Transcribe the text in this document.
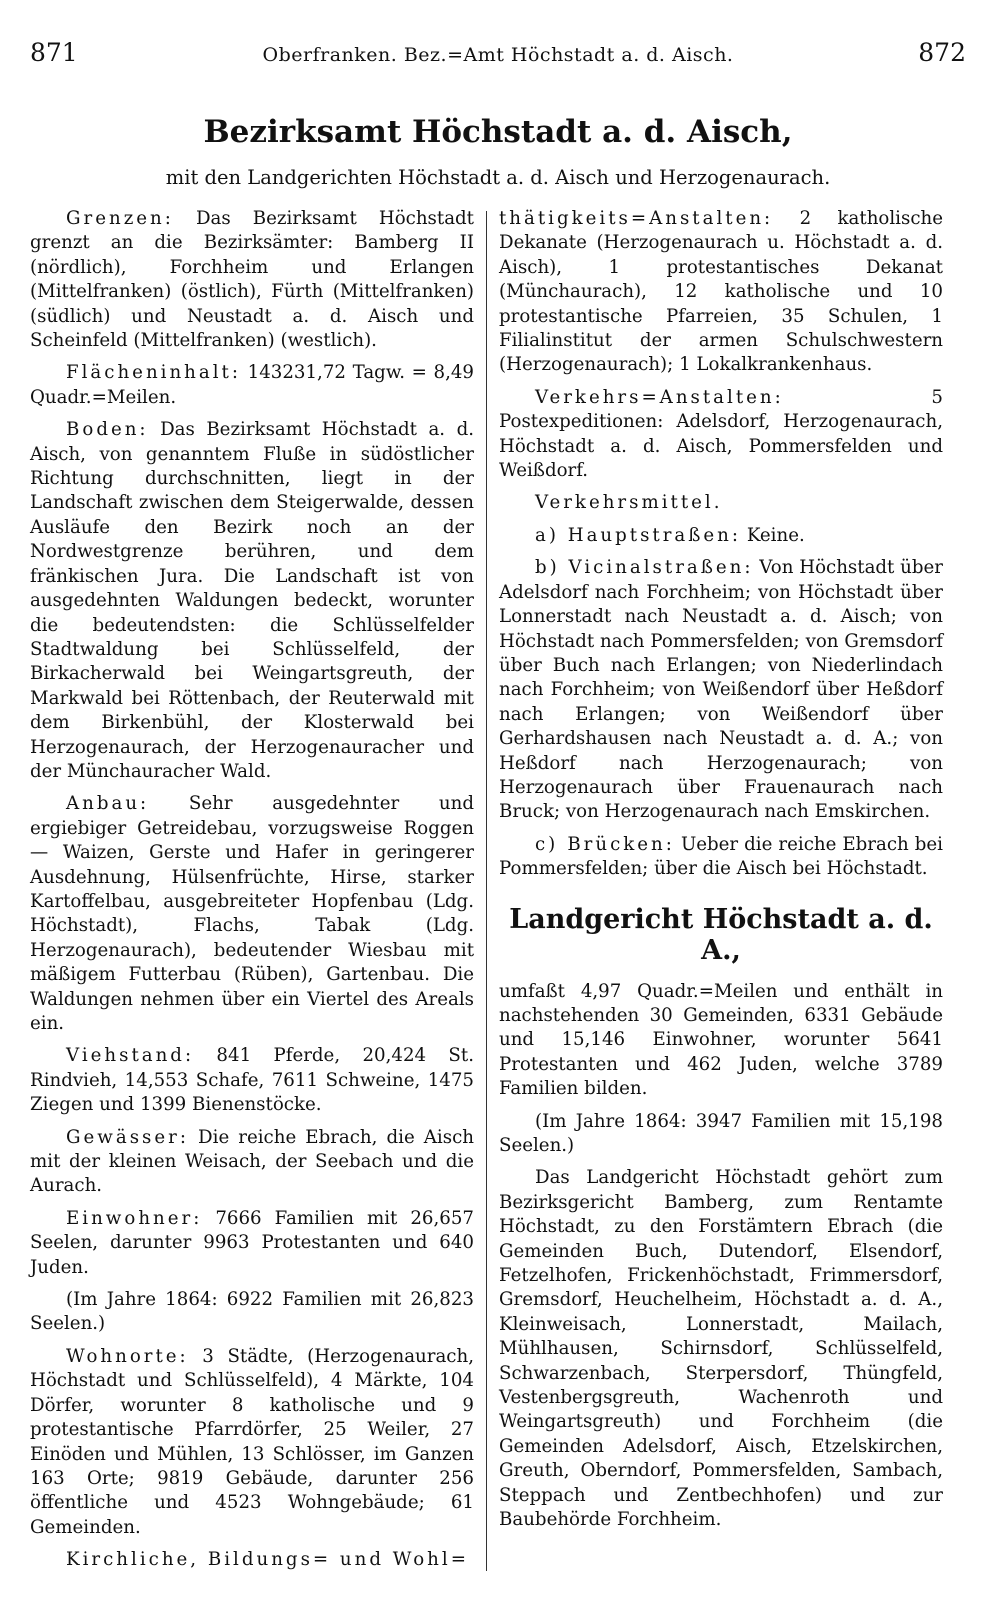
871	Oberfranken. Bez.=Amt Höchstadt a. d. Aisch.	872
Bezirksamt Höchstadt a. d. Aisch,
mit den Landgerichten Höchstadt a. d. Aisch und Herzogenaurach.

Grenzen: Das Bezirksamt Höchstadt grenzt an die Bezirksämter: Bamberg II (nördlich), Forchheim und Erlangen (Mittelfranken) (östlich), Fürth (Mittelfranken) (südlich) und Neustadt a. d. Aisch und Scheinfeld (Mittelfranken) (westlich).

Flächeninhalt: 143231,72 Tagw. = 8,49 Quadr.=Meilen.

Boden: Das Bezirksamt Höchstadt a. d. Aisch, von genanntem Fluße in südöstlicher Richtung durchschnitten, liegt in der Landschaft zwischen dem Steigerwalde, dessen Ausläufe den Bezirk noch an der Nordwestgrenze berühren, und dem fränkischen Jura. Die Landschaft ist von ausgedehnten Waldungen bedeckt, worunter die bedeutendsten: die Schlüsselfelder Stadtwaldung bei Schlüsselfeld, der Birkacherwald bei Weingartsgreuth, der Markwald bei Röttenbach, der Reuterwald mit dem Birkenbühl, der Klosterwald bei Herzogenaurach, der Herzogenauracher und der Münchauracher Wald.

Anbau: Sehr ausgedehnter und ergiebiger Getreidebau, vorzugsweise Roggen — Waizen, Gerste und Hafer in geringerer Ausdehnung, Hülsenfrüchte, Hirse, starker Kartoffelbau, ausgebreiteter Hopfenbau (Ldg. Höchstadt), Flachs, Tabak (Ldg. Herzogenaurach), bedeutender Wiesbau mit mäßigem Futterbau (Rüben), Gartenbau. Die Waldungen nehmen über ein Viertel des Areals ein.

Viehstand: 841 Pferde, 20,424 St. Rindvieh, 14,553 Schafe, 7611 Schweine, 1475 Ziegen und 1399 Bienenstöcke.

Gewässer: Die reiche Ebrach, die Aisch mit der kleinen Weisach, der Seebach und die Aurach.

Einwohner: 7666 Familien mit 26,657 Seelen, darunter 9963 Protestanten und 640 Juden.

(Im Jahre 1864: 6922 Familien mit 26,823 Seelen.)

Wohnorte: 3 Städte, (Herzogenaurach, Höchstadt und Schlüsselfeld), 4 Märkte, 104 Dörfer, worunter 8 katholische und 9 protestantische Pfarrdörfer, 25 Weiler, 27 Einöden und Mühlen, 13 Schlösser, im Ganzen 163 Orte; 9819 Gebäude, darunter 256 öffentliche und 4523 Wohngebäude; 61 Gemeinden.

Kirchliche, Bildungs= und Wohl=

thätigkeits=Anstalten: 2 katholische Dekanate (Herzogenaurach u. Höchstadt a. d. Aisch), 1 protestantisches Dekanat (Münchaurach), 12 katholische und 10 protestantische Pfarreien, 35 Schulen, 1 Filialinstitut der armen Schulschwestern (Herzogenaurach); 1 Lokalkrankenhaus.

Verkehrs=Anstalten: 5 Postexpeditionen: Adelsdorf, Herzogenaurach, Höchstadt a. d. Aisch, Pommersfelden und Weißdorf.

Verkehrsmittel.

a) Hauptstraßen: Keine.

b) Vicinalstraßen: Von Höchstadt über Adelsdorf nach Forchheim; von Höchstadt über Lonnerstadt nach Neustadt a. d. Aisch; von Höchstadt nach Pommersfelden; von Gremsdorf über Buch nach Erlangen; von Niederlindach nach Forchheim; von Weißendorf über Heßdorf nach Erlangen; von Weißendorf über Gerhardshausen nach Neustadt a. d. A.; von Heßdorf nach Herzogenaurach; von Herzogenaurach über Frauenaurach nach Bruck; von Herzogenaurach nach Emskirchen.

c) Brücken: Ueber die reiche Ebrach bei Pommersfelden; über die Aisch bei Höchstadt.

Landgericht Höchstadt a. d. A.,

umfaßt 4,97 Quadr.=Meilen und enthält in nachstehenden 30 Gemeinden, 6331 Gebäude und 15,146 Einwohner, worunter 5641 Protestanten und 462 Juden, welche 3789 Familien bilden.

(Im Jahre 1864: 3947 Familien mit 15,198 Seelen.)

Das Landgericht Höchstadt gehört zum Bezirksgericht Bamberg, zum Rentamte Höchstadt, zu den Forstämtern Ebrach (die Gemeinden Buch, Dutendorf, Elsendorf, Fetzelhofen, Frickenhöchstadt, Frimmersdorf, Gremsdorf, Heuchelheim, Höchstadt a. d. A., Kleinweisach, Lonnerstadt, Mailach, Mühlhausen, Schirnsdorf, Schlüsselfeld, Schwarzenbach, Sterpersdorf, Thüngfeld, Vestenbergsgreuth, Wachenroth und Weingartsgreuth) und Forchheim (die Gemeinden Adelsdorf, Aisch, Etzelskirchen, Greuth, Oberndorf, Pommersfelden, Sambach, Steppach und Zentbechhofen) und zur Baubehörde Forchheim.
